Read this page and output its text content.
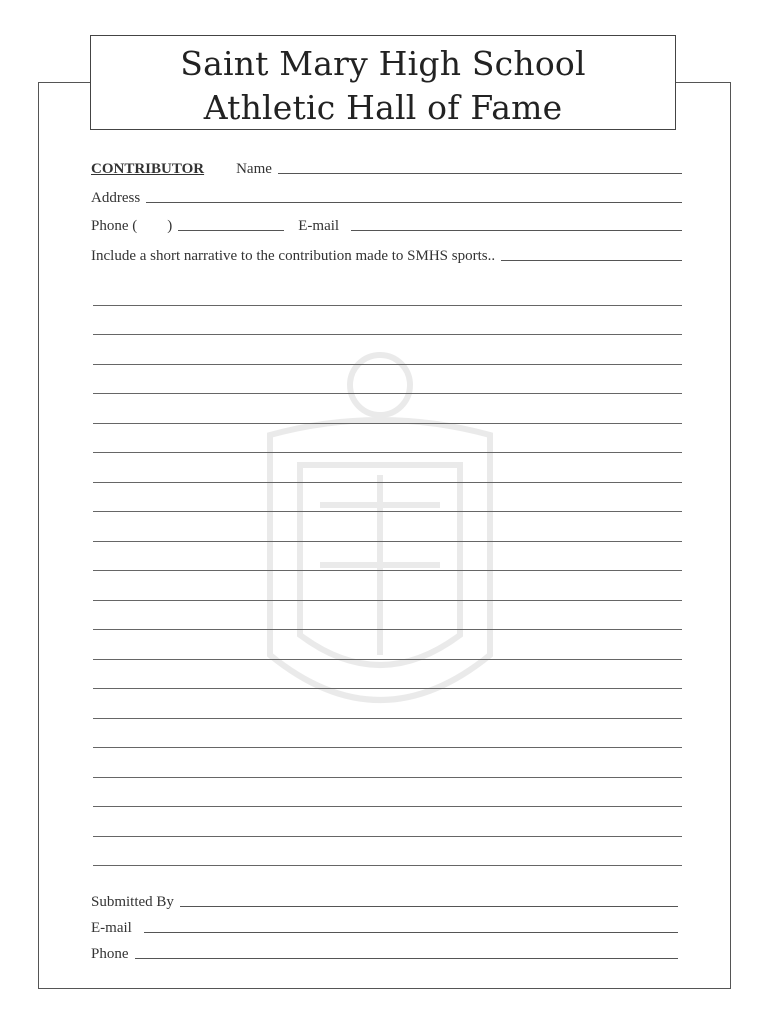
Saint Mary High School
Athletic Hall of Fame
CONTRIBUTOR Name
Address
Phone (        )	E-mail
Include a short narrative to the contribution made to SMHS sports..
Submitted By
E-mail
Phone
